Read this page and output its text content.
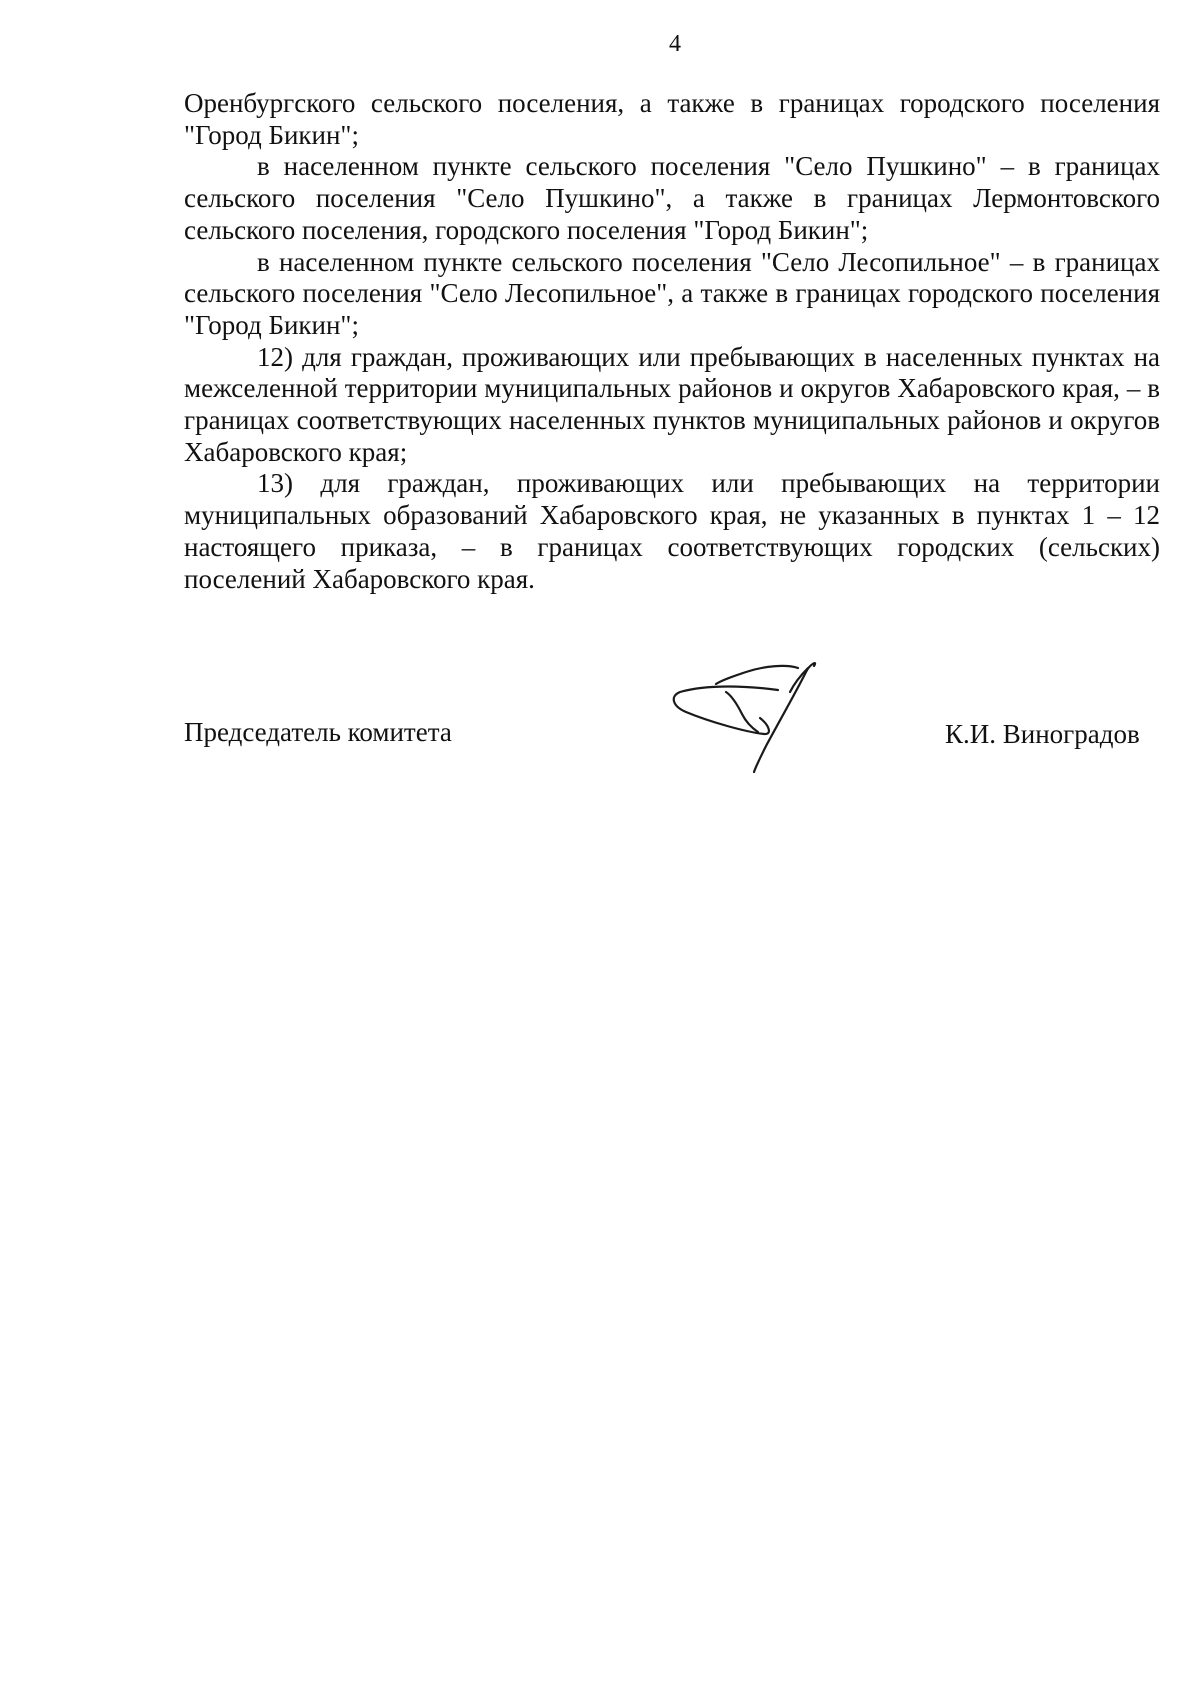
4

Оренбургского сельского поселения, а также в границах городского поселения "Город Бикин";

в населенном пункте сельского поселения "Село Пушкино" – в границах сельского поселения "Село Пушкино", а также в границах Лермонтовского сельского поселения, городского поселения "Город Бикин";

в населенном пункте сельского поселения "Село Лесопильное" – в границах сельского поселения "Село Лесопильное", а также в границах городского поселения "Город Бикин";

12) для граждан, проживающих или пребывающих в населенных пунктах на межселенной территории муниципальных районов и округов Хабаровского края, – в границах соответствующих населенных пунктов муниципальных районов и округов Хабаровского края;

13) для граждан, проживающих или пребывающих на территории муниципальных образований Хабаровского края, не указанных в пунктах 1 – 12 настоящего приказа, – в границах соответствующих городских (сельских) поселений Хабаровского края.

Председатель комитета	К.И. Виноградов
